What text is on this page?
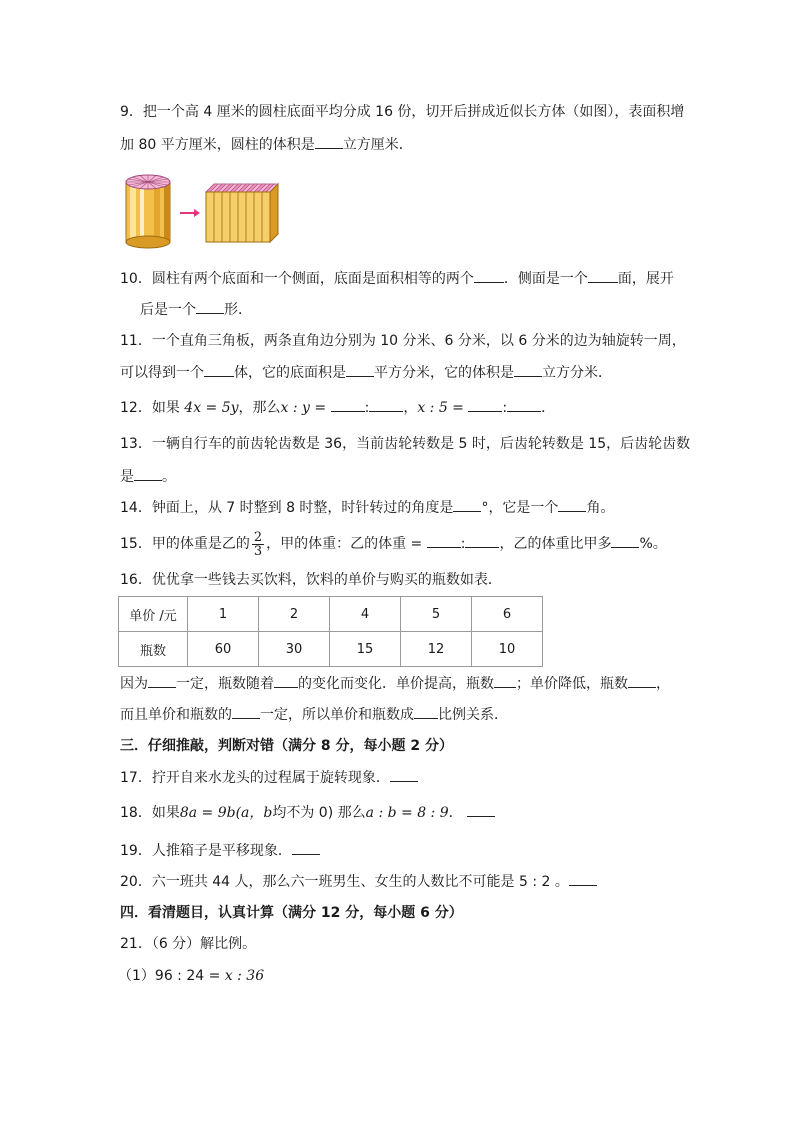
9．把一个高 4 厘米的圆柱底面平均分成 16 份，切开后拼成近似长方体（如图），表面积增
加 80 平方厘米，圆柱的体积是 立方厘米．
10．圆柱有两个底面和一个侧面，底面是面积相等的两个 ．侧面是一个 面，展开
后是一个 形．
11．一个直角三角板，两条直角边分别为 10 分米、6 分米，以 6 分米的边为轴旋转一周，
可以得到一个 体，它的底面积是 平方分米，它的体积是 立方分米．
12．如果 4x = 5y，那么x : y =	: ，x : 5 =	: ．
13．一辆自行车的前齿轮齿数是 36，当前齿轮转数是 5 时，后齿轮转数是 15，后齿轮齿数
是 。
14．钟面上，从 7 时整到 8 时整，时针转过的角度是 °，它是一个 角。
15．甲的体重是乙的 $\frac{2}{3}$ ，甲的体重：乙的体重 =	: ，乙的体重比甲多 %。
16．优优拿一些钱去买饮料，饮料的单价与购买的瓶数如表．
单价 /元	1	2	4	5	6
瓶数	60	30	15	12	10
因为 一定，瓶数随着 的变化而变化．单价提高，瓶数 ；单价降低，瓶数 ，
而且单价和瓶数的 一定，所以单价和瓶数成 比例关系．
三．仔细推敲，判断对错（满分 8 分，每小题 2 分）
17．拧开自来水龙头的过程属于旋转现象．
18．如果8a = 9b(a，b均不为 0) 那么a : b = 8 : 9．
19．人推箱子是平移现象．
20．六一班共 44 人，那么六一班男生、女生的人数比不可能是 5 : 2 。
四．看清题目，认真计算（满分 12 分，每小题 6 分）
21．（6 分）解比例。
（1）96 : 24 = x : 36
